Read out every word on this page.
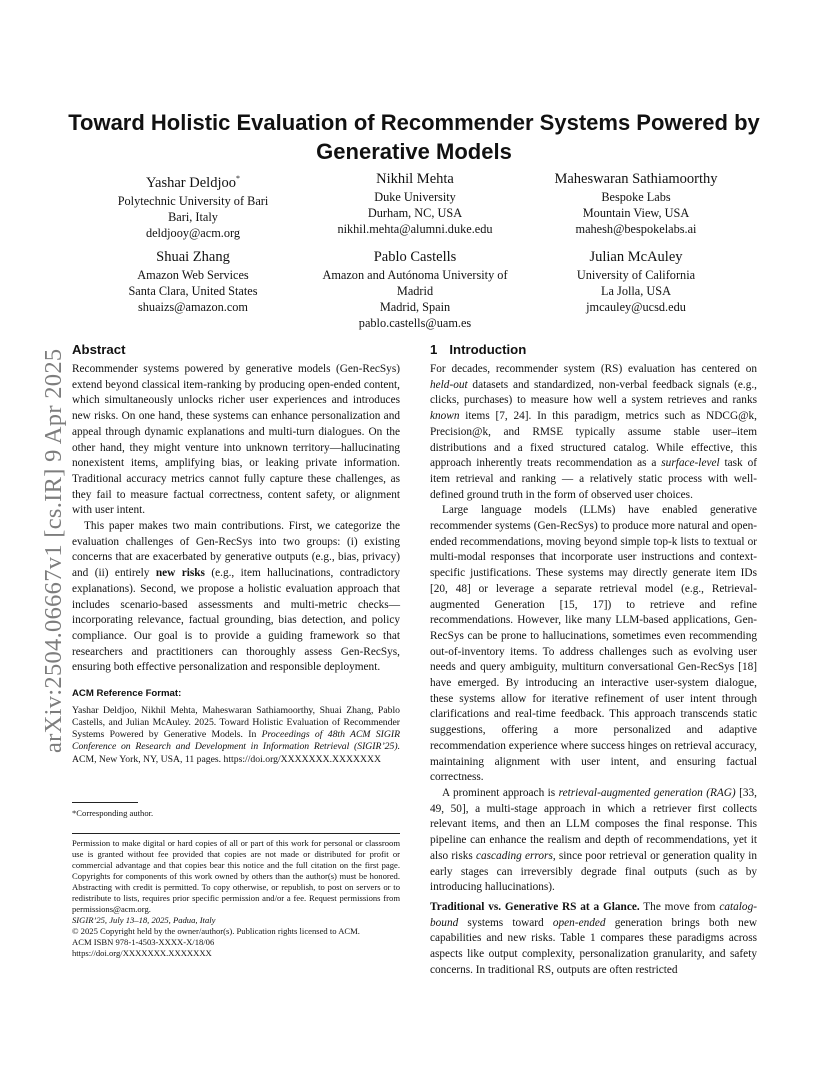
arXiv:2504.06667v1 [cs.IR] 9 Apr 2025
Toward Holistic Evaluation of Recommender Systems Powered by Generative Models
Yashar Deldjoo*
Polytechnic University of Bari
Bari, Italy
deldjooy@acm.org
Nikhil Mehta
Duke University
Durham, NC, USA
nikhil.mehta@alumni.duke.edu
Maheswaran Sathiamoorthy
Bespoke Labs
Mountain View, USA
mahesh@bespokelabs.ai
Shuai Zhang
Amazon Web Services
Santa Clara, United States
shuaizs@amazon.com
Pablo Castells
Amazon and Autónoma University of Madrid
Madrid, Spain
pablo.castells@uam.es
Julian McAuley
University of California
La Jolla, USA
jmcauley@ucsd.edu
Abstract

Recommender systems powered by generative models (Gen-RecSys) extend beyond classical item-ranking by producing open-ended content, which simultaneously unlocks richer user experiences and introduces new risks. On one hand, these systems can enhance personalization and appeal through dynamic explanations and multi-turn dialogues. On the other hand, they might venture into unknown territory—hallucinating nonexistent items, amplifying bias, or leaking private information. Traditional accuracy metrics cannot fully capture these challenges, as they fail to measure factual correctness, content safety, or alignment with user intent.

This paper makes two main contributions. First, we categorize the evaluation challenges of Gen-RecSys into two groups: (i) existing concerns that are exacerbated by generative outputs (e.g., bias, privacy) and (ii) entirely new risks (e.g., item hallucinations, contradictory explanations). Second, we propose a holistic evaluation approach that includes scenario-based assessments and multi-metric checks—incorporating relevance, factual grounding, bias detection, and policy compliance. Our goal is to provide a guiding framework so that researchers and practitioners can thoroughly assess Gen-RecSys, ensuring both effective personalization and responsible deployment.

ACM Reference Format:

Yashar Deldjoo, Nikhil Mehta, Maheswaran Sathiamoorthy, Shuai Zhang, Pablo Castells, and Julian McAuley. 2025. Toward Holistic Evaluation of Recommender Systems Powered by Generative Models. In Proceedings of 48th ACM SIGIR Conference on Research and Development in Information Retrieval (SIGIR’25). ACM, New York, NY, USA, 11 pages. https://doi.org/XXXXXXX.XXXXXXX

*Corresponding author.
Permission to make digital or hard copies of all or part of this work for personal or classroom use is granted without fee provided that copies are not made or distributed for profit or commercial advantage and that copies bear this notice and the full citation on the first page. Copyrights for components of this work owned by others than the author(s) must be honored. Abstracting with credit is permitted. To copy otherwise, or republish, to post on servers or to redistribute to lists, requires prior specific permission and/or a fee. Request permissions from permissions@acm.org.
SIGIR’25, July 13–18, 2025, Padua, Italy
© 2025 Copyright held by the owner/author(s). Publication rights licensed to ACM.
ACM ISBN 978-1-4503-XXXX-X/18/06
https://doi.org/XXXXXXX.XXXXXXX
1 Introduction

For decades, recommender system (RS) evaluation has centered on held-out datasets and standardized, non-verbal feedback signals (e.g., clicks, purchases) to measure how well a system retrieves and ranks known items [7, 24]. In this paradigm, metrics such as NDCG@k, Precision@k, and RMSE typically assume stable user–item distributions and a fixed structured catalog. While effective, this approach inherently treats recommendation as a surface-level task of item retrieval and ranking — a relatively static process with well-defined ground truth in the form of observed user choices.

Large language models (LLMs) have enabled generative recommender systems (Gen-RecSys) to produce more natural and open-ended recommendations, moving beyond simple top-k lists to textual or multi-modal responses that incorporate user instructions and context-specific justifications. These systems may directly generate item IDs [20, 48] or leverage a separate retrieval model (e.g., Retrieval-augmented Generation [15, 17]) to retrieve and refine recommendations. However, like many LLM-based applications, Gen-RecSys can be prone to hallucinations, sometimes even recommending out-of-inventory items. To address challenges such as evolving user needs and query ambiguity, multiturn conversational Gen-RecSys [18] have emerged. By introducing an interactive user-system dialogue, these systems allow for iterative refinement of user intent through clarifications and real-time feedback. This approach transcends static suggestions, offering a more personalized and adaptive recommendation experience where success hinges on retrieval accuracy, maintaining alignment with user intent, and ensuring factual correctness.

A prominent approach is retrieval-augmented generation (RAG) [33, 49, 50], a multi-stage approach in which a retriever first collects relevant items, and then an LLM composes the final response. This pipeline can enhance the realism and depth of recommendations, yet it also risks cascading errors, since poor retrieval or generation quality in early stages can irreversibly degrade final outputs (such as by introducing hallucinations).

Traditional vs. Generative RS at a Glance. The move from catalog-bound systems toward open-ended generation brings both new capabilities and new risks. Table 1 compares these paradigms across aspects like output complexity, personalization granularity, and safety concerns. In traditional RS, outputs are often restricted
